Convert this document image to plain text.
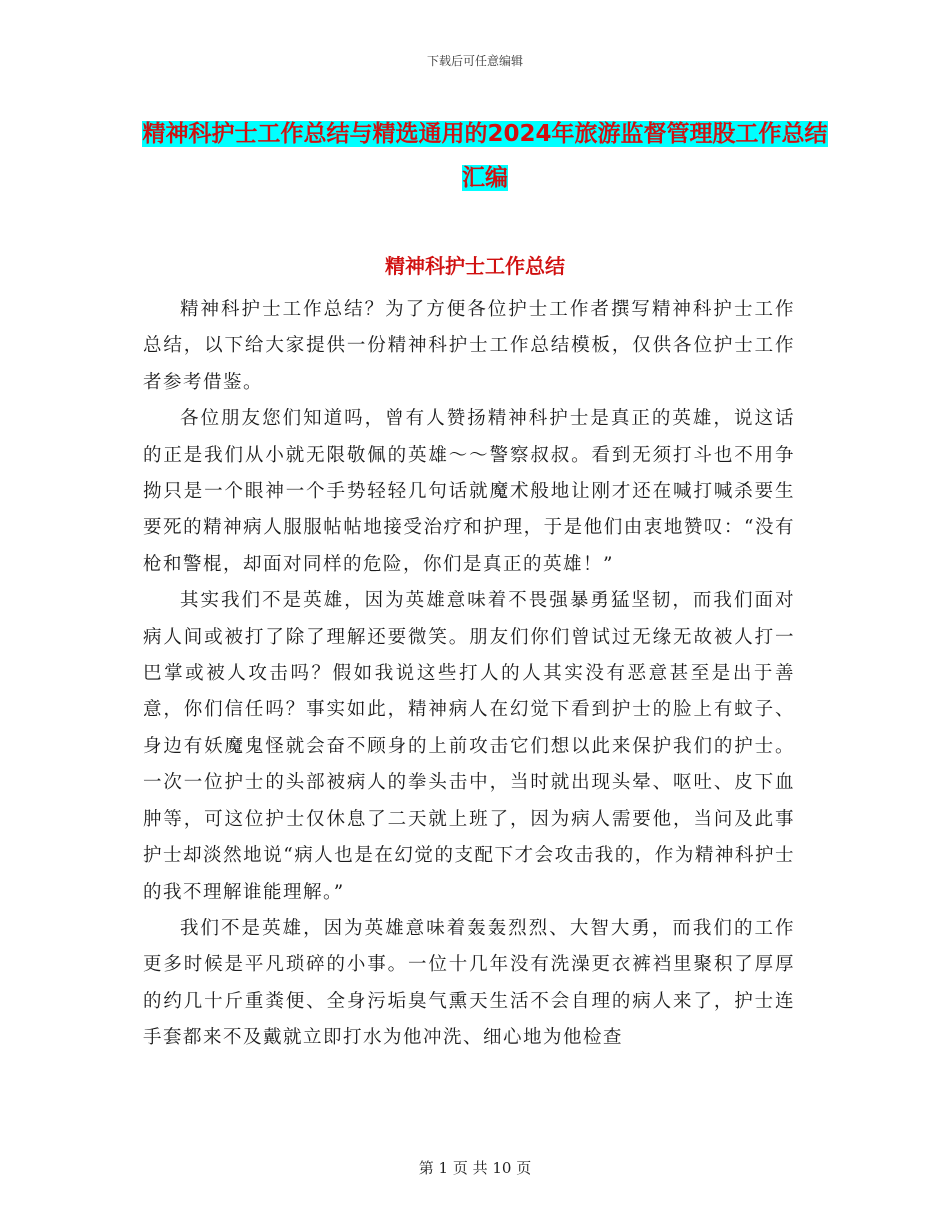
下载后可任意编辑
精神科护士工作总结与精选通用的2024年旅游监督管理股工作总结汇编
精神科护士工作总结

精神科护士工作总结？为了方便各位护士工作者撰写精神科护士工作总结，以下给大家提供一份精神科护士工作总结模板，仅供各位护士工作者参考借鉴。

各位朋友您们知道吗，曾有人赞扬精神科护士是真正的英雄，说这话的正是我们从小就无限敬佩的英雄～～警察叔叔。看到无须打斗也不用争拗只是一个眼神一个手势轻轻几句话就魔术般地让刚才还在喊打喊杀要生要死的精神病人服服帖帖地接受治疗和护理，于是他们由衷地赞叹：“没有枪和警棍，却面对同样的危险，你们是真正的英雄！”

其实我们不是英雄，因为英雄意味着不畏强暴勇猛坚韧，而我们面对病人间或被打了除了理解还要微笑。朋友们你们曾试过无缘无故被人打一巴掌或被人攻击吗？假如我说这些打人的人其实没有恶意甚至是出于善意，你们信任吗？事实如此，精神病人在幻觉下看到护士的脸上有蚊子、身边有妖魔鬼怪就会奋不顾身的上前攻击它们想以此来保护我们的护士。一次一位护士的头部被病人的拳头击中，当时就出现头晕、呕吐、皮下血肿等，可这位护士仅休息了二天就上班了，因为病人需要他，当问及此事护士却淡然地说“病人也是在幻觉的支配下才会攻击我的，作为精神科护士的我不理解谁能理解。”

我们不是英雄，因为英雄意味着轰轰烈烈、大智大勇，而我们的工作更多时候是平凡琐碎的小事。一位十几年没有洗澡更衣裤裆里聚积了厚厚的约几十斤重粪便、全身污垢臭气熏天生活不会自理的病人来了，护士连手套都来不及戴就立即打水为他冲洗、细心地为他检查

第 1 页 共 10 页
